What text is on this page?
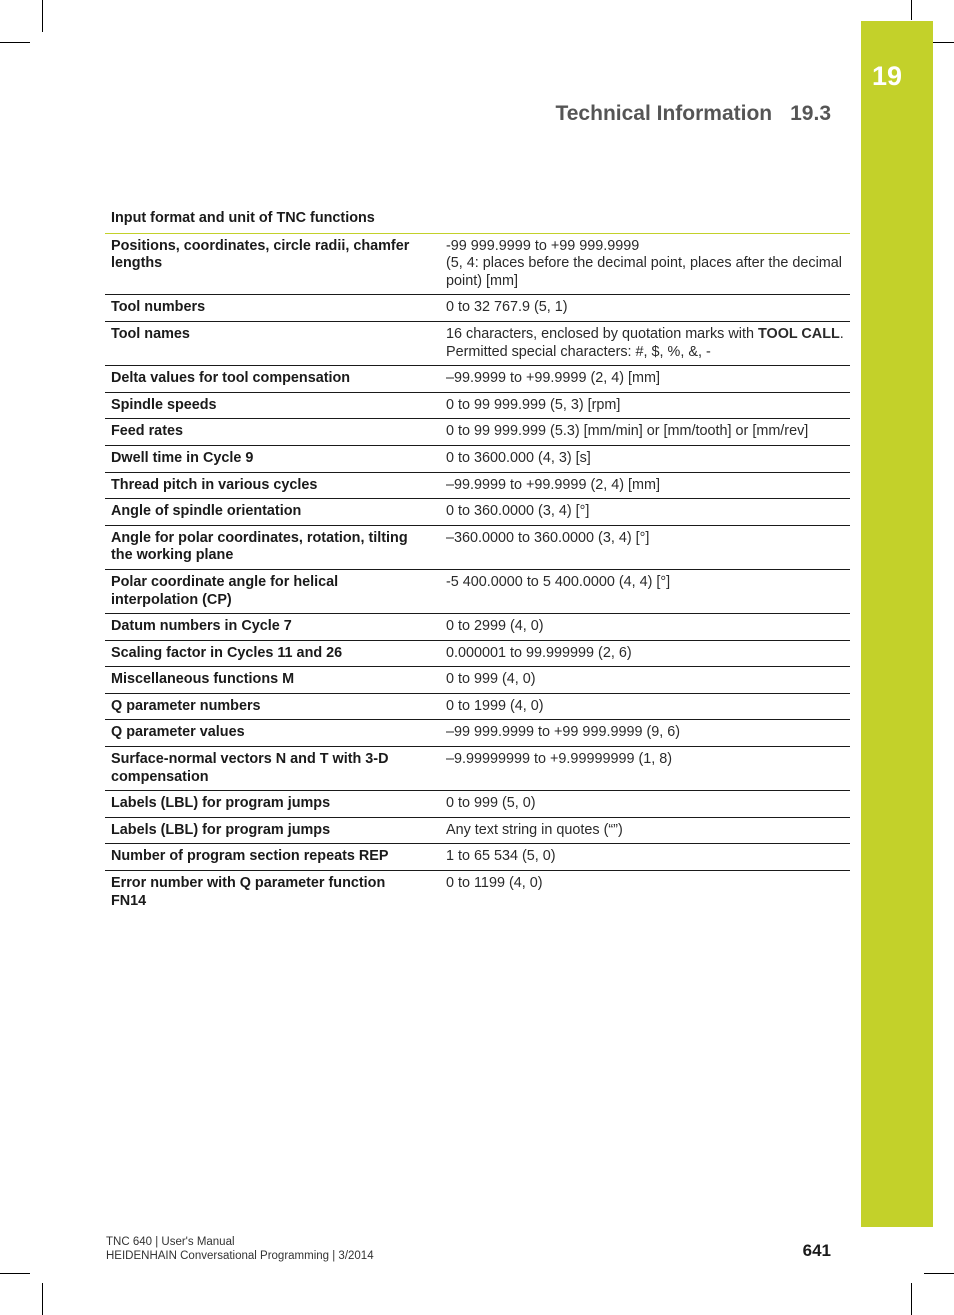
19
Technical Information 19.3
Input format and unit of TNC functions	
Positions, coordinates, circle radii, chamfer lengths	-99 999.9999 to +99 999.9999
(5, 4: places before the decimal point, places after the decimal point) [mm]
Tool numbers	0 to 32 767.9 (5, 1)
Tool names	16 characters, enclosed by quotation marks with TOOL CALL. Permitted special characters: #, $, %, &, -
Delta values for tool compensation	–99.9999 to +99.9999 (2, 4) [mm]
Spindle speeds	0 to 99 999.999 (5, 3) [rpm]
Feed rates	0 to 99 999.999 (5.3) [mm/min] or [mm/tooth] or [mm/rev]
Dwell time in Cycle 9	0 to 3600.000 (4, 3) [s]
Thread pitch in various cycles	–99.9999 to +99.9999 (2, 4) [mm]
Angle of spindle orientation	0 to 360.0000 (3, 4) [°]
Angle for polar coordinates, rotation, tilting the working plane	–360.0000 to 360.0000 (3, 4) [°]
Polar coordinate angle for helical interpolation (CP)	-5 400.0000 to 5 400.0000 (4, 4) [°]
Datum numbers in Cycle 7	0 to 2999 (4, 0)
Scaling factor in Cycles 11 and 26	0.000001 to 99.999999 (2, 6)
Miscellaneous functions M	0 to 999 (4, 0)
Q parameter numbers	0 to 1999 (4, 0)
Q parameter values	–99 999.9999 to +99 999.9999 (9, 6)
Surface-normal vectors N and T with 3-D compensation	–9.99999999 to +9.99999999 (1, 8)
Labels (LBL) for program jumps	0 to 999 (5, 0)
Labels (LBL) for program jumps	Any text string in quotes (“”)
Number of program section repeats REP	1 to 65 534 (5, 0)
Error number with Q parameter function FN14	0 to 1199 (4, 0)
TNC 640 | User's Manual
HEIDENHAIN Conversational Programming | 3/2014	641
